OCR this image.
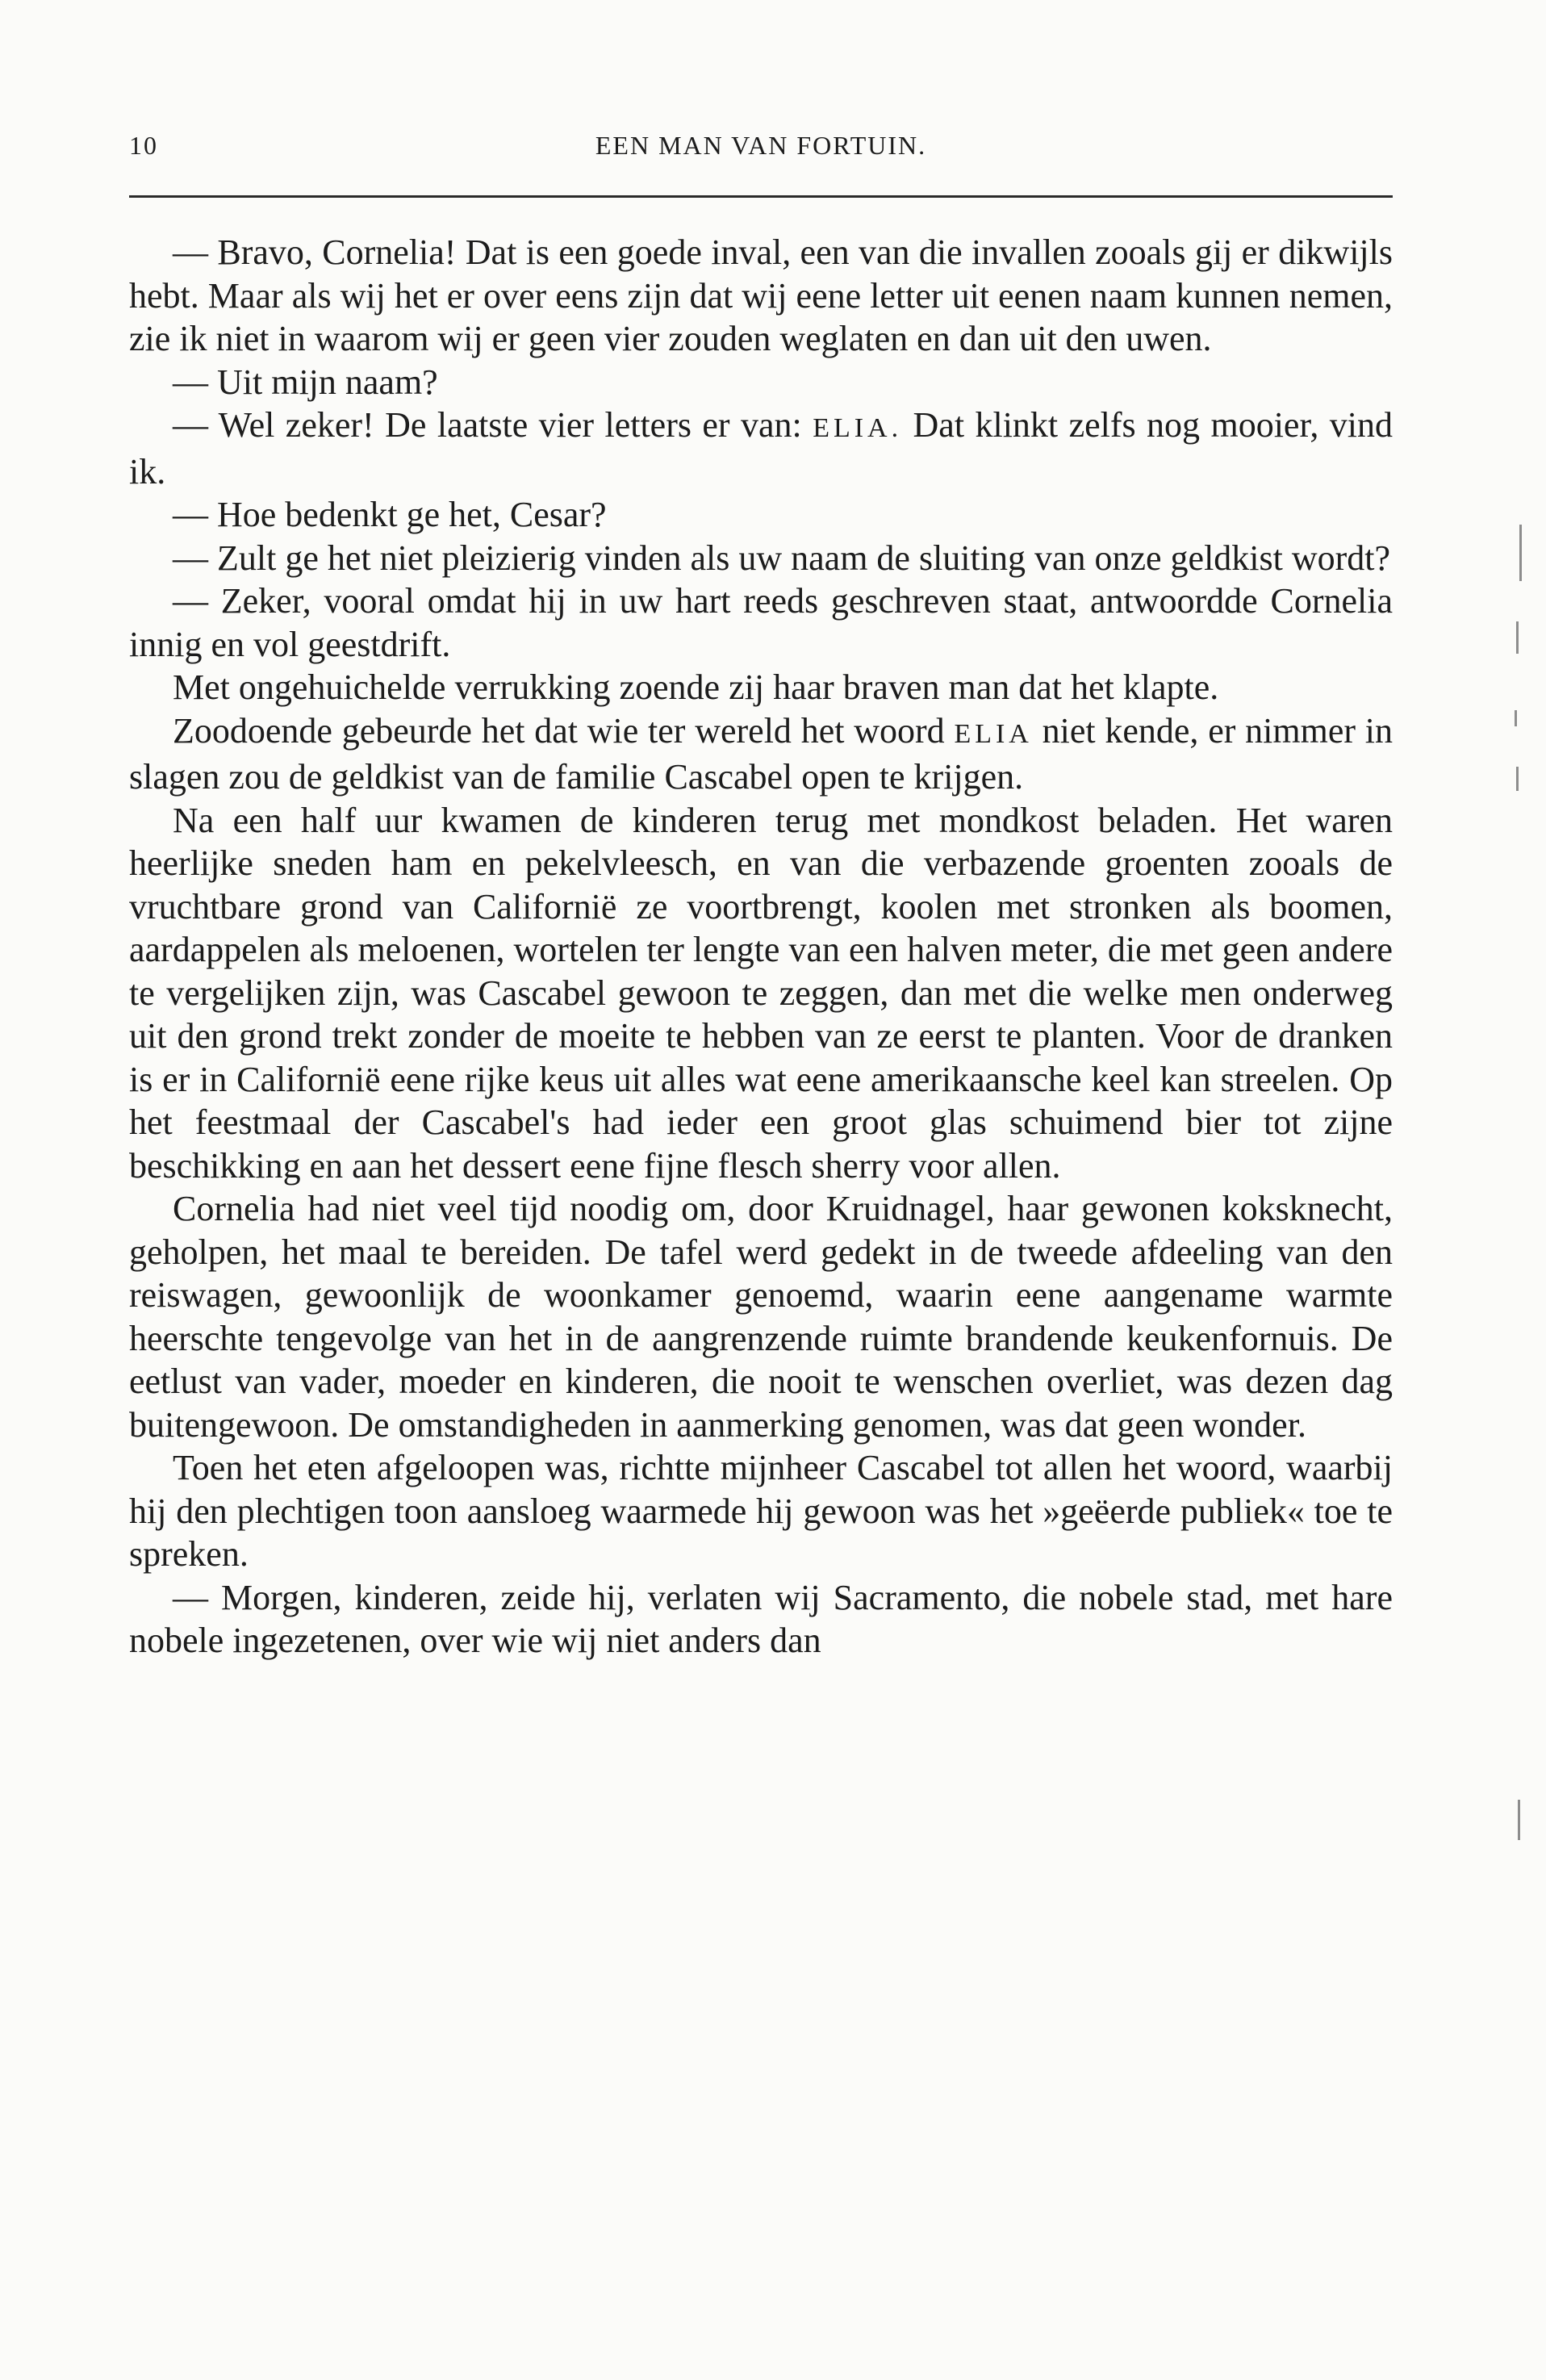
10	EEN MAN VAN FORTUIN.

— Bravo, Cornelia! Dat is een goede inval, een van die invallen zooals gij er dikwijls hebt. Maar als wij het er over eens zijn dat wij eene letter uit eenen naam kunnen nemen, zie ik niet in waarom wij er geen vier zouden weglaten en dan uit den uwen.

— Uit mijn naam?

— Wel zeker! De laatste vier letters er van: ELIA. Dat klinkt zelfs nog mooier, vind ik.

— Hoe bedenkt ge het, Cesar?

— Zult ge het niet pleizierig vinden als uw naam de sluiting van onze geldkist wordt?

— Zeker, vooral omdat hij in uw hart reeds geschreven staat, antwoordde Cornelia innig en vol geestdrift.

Met ongehuichelde verrukking zoende zij haar braven man dat het klapte.

Zoodoende gebeurde het dat wie ter wereld het woord ELIA niet kende, er nimmer in slagen zou de geldkist van de familie Cascabel open te krijgen.

Na een half uur kwamen de kinderen terug met mondkost beladen. Het waren heerlijke sneden ham en pekelvleesch, en van die verbazende groenten zooals de vruchtbare grond van Californië ze voortbrengt, koolen met stronken als boomen, aardappelen als meloenen, wortelen ter lengte van een halven meter, die met geen andere te vergelijken zijn, was Cascabel gewoon te zeggen, dan met die welke men onderweg uit den grond trekt zonder de moeite te hebben van ze eerst te planten. Voor de dranken is er in Californië eene rijke keus uit alles wat eene amerikaansche keel kan streelen. Op het feestmaal der Cascabel's had ieder een groot glas schuimend bier tot zijne beschikking en aan het dessert eene fijne flesch sherry voor allen.

Cornelia had niet veel tijd noodig om, door Kruidnagel, haar gewonen koksknecht, geholpen, het maal te bereiden. De tafel werd gedekt in de tweede afdeeling van den reiswagen, gewoonlijk de woonkamer genoemd, waarin eene aangename warmte heerschte tengevolge van het in de aangrenzende ruimte brandende keukenfornuis. De eetlust van vader, moeder en kinderen, die nooit te wenschen overliet, was dezen dag buitengewoon. De omstandigheden in aanmerking genomen, was dat geen wonder.

Toen het eten afgeloopen was, richtte mijnheer Cascabel tot allen het woord, waarbij hij den plechtigen toon aansloeg waarmede hij gewoon was het »geëerde publiek« toe te spreken.

— Morgen, kinderen, zeide hij, verlaten wij Sacramento, die nobele stad, met hare nobele ingezetenen, over wie wij niet anders dan
